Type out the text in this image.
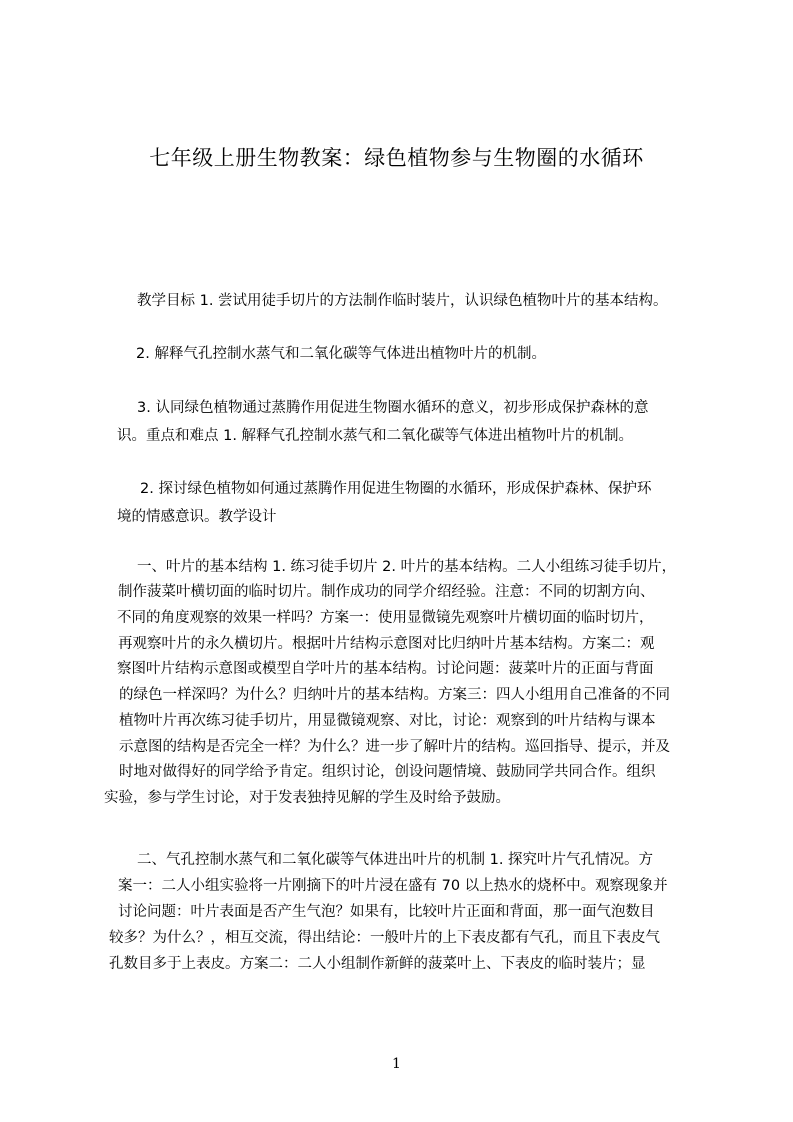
七年级上册生物教案：绿色植物参与生物圈的水循环
教学目标 1. 尝试用徒手切片的方法制作临时装片，认识绿色植物叶片的基本结构。
2. 解释气孔控制水蒸气和二氧化碳等气体进出植物叶片的机制。
3. 认同绿色植物通过蒸腾作用促进生物圈水循环的意义，初步形成保护森林的意
识。重点和难点 1. 解释气孔控制水蒸气和二氧化碳等气体进出植物叶片的机制。
2. 探讨绿色植物如何通过蒸腾作用促进生物圈的水循环，形成保护森林、保护环
境的情感意识。教学设计
一、叶片的基本结构 1. 练习徒手切片 2. 叶片的基本结构。二人小组练习徒手切片，
制作菠菜叶横切面的临时切片。制作成功的同学介绍经验。注意：不同的切割方向、
不同的角度观察的效果一样吗？方案一：使用显微镜先观察叶片横切面的临时切片，
再观察叶片的永久横切片。根据叶片结构示意图对比归纳叶片基本结构。方案二：观
察图叶片结构示意图或模型自学叶片的基本结构。讨论问题：菠菜叶片的正面与背面
的绿色一样深吗？为什么？归纳叶片的基本结构。方案三：四人小组用自己准备的不同
植物叶片再次练习徒手切片，用显微镜观察、对比，讨论：观察到的叶片结构与课本
示意图的结构是否完全一样？为什么？进一步了解叶片的结构。巡回指导、提示，并及
时地对做得好的同学给予肯定。组织讨论，创设问题情境、鼓励同学共同合作。组织
实验，参与学生讨论，对于发表独持见解的学生及时给予鼓励。
二、气孔控制水蒸气和二氧化碳等气体进出叶片的机制 1. 探究叶片气孔情况。方
案一：二人小组实验将一片刚摘下的叶片浸在盛有 70 以上热水的烧杯中。观察现象并
讨论问题：叶片表面是否产生气泡？如果有，比较叶片正面和背面，那一面气泡数目
较多？为什么？，相互交流，得出结论：一般叶片的上下表皮都有气孔，而且下表皮气
孔数目多于上表皮。方案二：二人小组制作新鲜的菠菜叶上、下表皮的临时装片；显
1
